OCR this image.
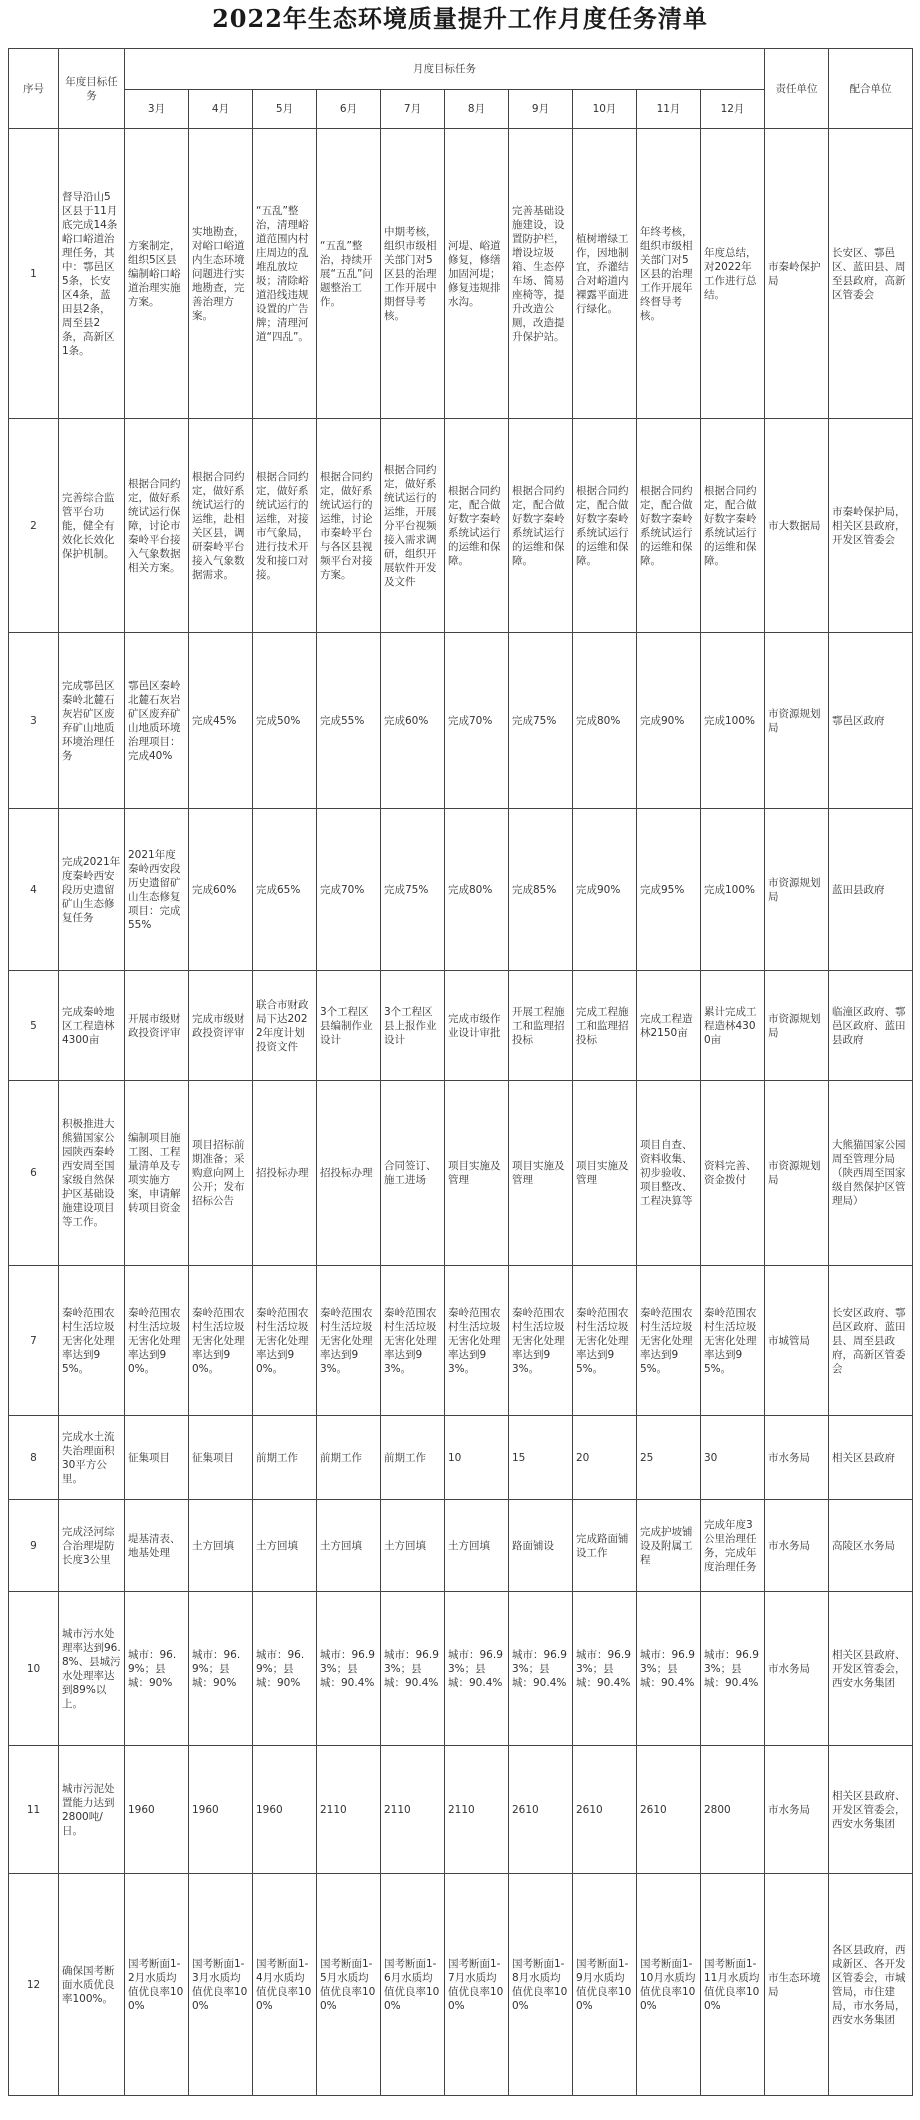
2022年生态环境质量提升工作月度任务清单
序号	年度目标任务	月度目标任务										责任单位	配合单位
		3月	4月	5月	6月	7月	8月	9月	10月	11月	12月		
1	督导沿山5区县于11月底完成14条峪口峪道治理任务，其中：鄠邑区5条，长安区4条，蓝田县2条，周至县2条，高新区1条。	方案制定，组织5区县编制峪口峪道治理实施方案。	实地勘查，对峪口峪道内生态环境问题进行实地勘查，完善治理方案。	“五乱”整治，清理峪道范围内村庄周边的乱堆乱放垃圾；清除峪道沿线违规设置的广告牌；清理河道“四乱”。	“五乱”整治，持续开展“五乱”问题整治工作。	中期考核，组织市级相关部门对5区县的治理工作开展中期督导考核。	河堤、峪道修复，修缮加固河堤；修复违规排水沟。	完善基础设施建设，设置防护栏，增设垃圾箱、生态停车场、简易座椅等，提升改造公厕，改造提升保护站。	植树增绿工作，因地制宜，乔灌结合对峪道内裸露平面进行绿化。	年终考核，组织市级相关部门对5区县的治理工作开展年终督导考核。	年度总结，对2022年工作进行总结。	市秦岭保护局	长安区、鄠邑区、蓝田县、周至县政府，高新区管委会
2	完善综合监管平台功能，健全有效化长效化保护机制。	根据合同约定，做好系统试运行保障，讨论市秦岭平台接入气象数据相关方案。	根据合同约定，做好系统试运行的运维，赴相关区县，调研秦岭平台接入气象数据需求。	根据合同约定，做好系统试运行的运维，对接市气象局，进行技术开发和接口对接。	根据合同约定，做好系统试运行的运维，讨论市秦岭平台与各区县视频平台对接方案。	根据合同约定，做好系统试运行的运维，开展分平台视频接入需求调研，组织开展软件开发及文件	根据合同约定，配合做好数字秦岭系统试运行的运维和保障。	根据合同约定，配合做好数字秦岭系统试运行的运维和保障。	根据合同约定，配合做好数字秦岭系统试运行的运维和保障。	根据合同约定，配合做好数字秦岭系统试运行的运维和保障。	根据合同约定，配合做好数字秦岭系统试运行的运维和保障。	市大数据局	市秦岭保护局，相关区县政府，开发区管委会
3	完成鄠邑区秦岭北麓石灰岩矿区废弃矿山地质环境治理任务	鄠邑区秦岭北麓石灰岩矿区废弃矿山地质环境治理项目：完成40%	完成45%	完成50%	完成55%	完成60%	完成70%	完成75%	完成80%	完成90%	完成100%	市资源规划局	鄠邑区政府
4	完成2021年度秦岭西安段历史遗留矿山生态修复任务	2021年度秦岭西安段历史遗留矿山生态修复项目：完成55%	完成60%	完成65%	完成70%	完成75%	完成80%	完成85%	完成90%	完成95%	完成100%	市资源规划局	蓝田县政府
5	完成秦岭地区工程造林4300亩	开展市级财政投资评审	完成市级财政投资评审	联合市财政局下达2022年度计划投资文件	3个工程区县编制作业设计	3个工程区县上报作业设计	完成市级作业设计审批	开展工程施工和监理招投标	完成工程施工和监理招投标	完成工程造林2150亩	累计完成工程造林4300亩	市资源规划局	临潼区政府、鄠邑区政府、蓝田县政府
6	积极推进大熊猫国家公园陕西秦岭西安周至国家级自然保护区基础设施建设项目等工作。	编制项目施工图、工程量清单及专项实施方案，申请解转项目资金	项目招标前期准备；采购意向网上公开；发布招标公告	招投标办理	招投标办理	合同签订、施工进场	项目实施及管理	项目实施及管理	项目实施及管理	项目自查、资料收集、初步验收、项目整改、工程决算等	资料完善、资金拨付	市资源规划局	大熊猫国家公园周至管理分局（陕西周至国家级自然保护区管理局）
7	秦岭范围农村生活垃圾无害化处理率达到95%。	秦岭范围农村生活垃圾无害化处理率达到90%。	秦岭范围农村生活垃圾无害化处理率达到90%。	秦岭范围农村生活垃圾无害化处理率达到90%。	秦岭范围农村生活垃圾无害化处理率达到93%。	秦岭范围农村生活垃圾无害化处理率达到93%。	秦岭范围农村生活垃圾无害化处理率达到93%。	秦岭范围农村生活垃圾无害化处理率达到93%。	秦岭范围农村生活垃圾无害化处理率达到95%。	秦岭范围农村生活垃圾无害化处理率达到95%。	秦岭范围农村生活垃圾无害化处理率达到95%。	市城管局	长安区政府、鄠邑区政府、蓝田县、周至县政府，高新区管委会
8	完成水土流失治理面积30平方公里。	征集项目	征集项目	前期工作	前期工作	前期工作	10	15	20	25	30	市水务局	相关区县政府
9	完成泾河综合治理堤防长度3公里	堤基清表、地基处理	土方回填	土方回填	土方回填	土方回填	土方回填	路面铺设	完成路面铺设工作	完成护坡铺设及附属工程	完成年度3公里治理任务，完成年度治理任务	市水务局	高陵区水务局
10	城市污水处理率达到96.8%、县城污水处理率达到89%以上。	城市：96.9%；县城：90%	城市：96.9%；县城：90%	城市：96.9%；县城：90%	城市：96.93%；县城：90.4%	城市：96.93%；县城：90.4%	城市：96.93%；县城：90.4%	城市：96.93%；县城：90.4%	城市：96.93%；县城：90.4%	城市：96.93%；县城：90.4%	城市：96.93%；县城：90.4%	市水务局	相关区县政府、开发区管委会，西安水务集团
11	城市污泥处置能力达到2800吨/日。	1960	1960	1960	2110	2110	2110	2610	2610	2610	2800	市水务局	相关区县政府、开发区管委会，西安水务集团
12	确保国考断面水质优良率100%。	国考断面1-2月水质均值优良率100%	国考断面1-3月水质均值优良率100%	国考断面1-4月水质均值优良率100%	国考断面1-5月水质均值优良率100%	国考断面1-6月水质均值优良率100%	国考断面1-7月水质均值优良率100%	国考断面1-8月水质均值优良率100%	国考断面1-9月水质均值优良率100%	国考断面1-10月水质均值优良率100%	国考断面1-11月水质均值优良率100%	市生态环境局	各区县政府，西咸新区、各开发区管委会，市城管局，市住建局，市水务局，西安水务集团
